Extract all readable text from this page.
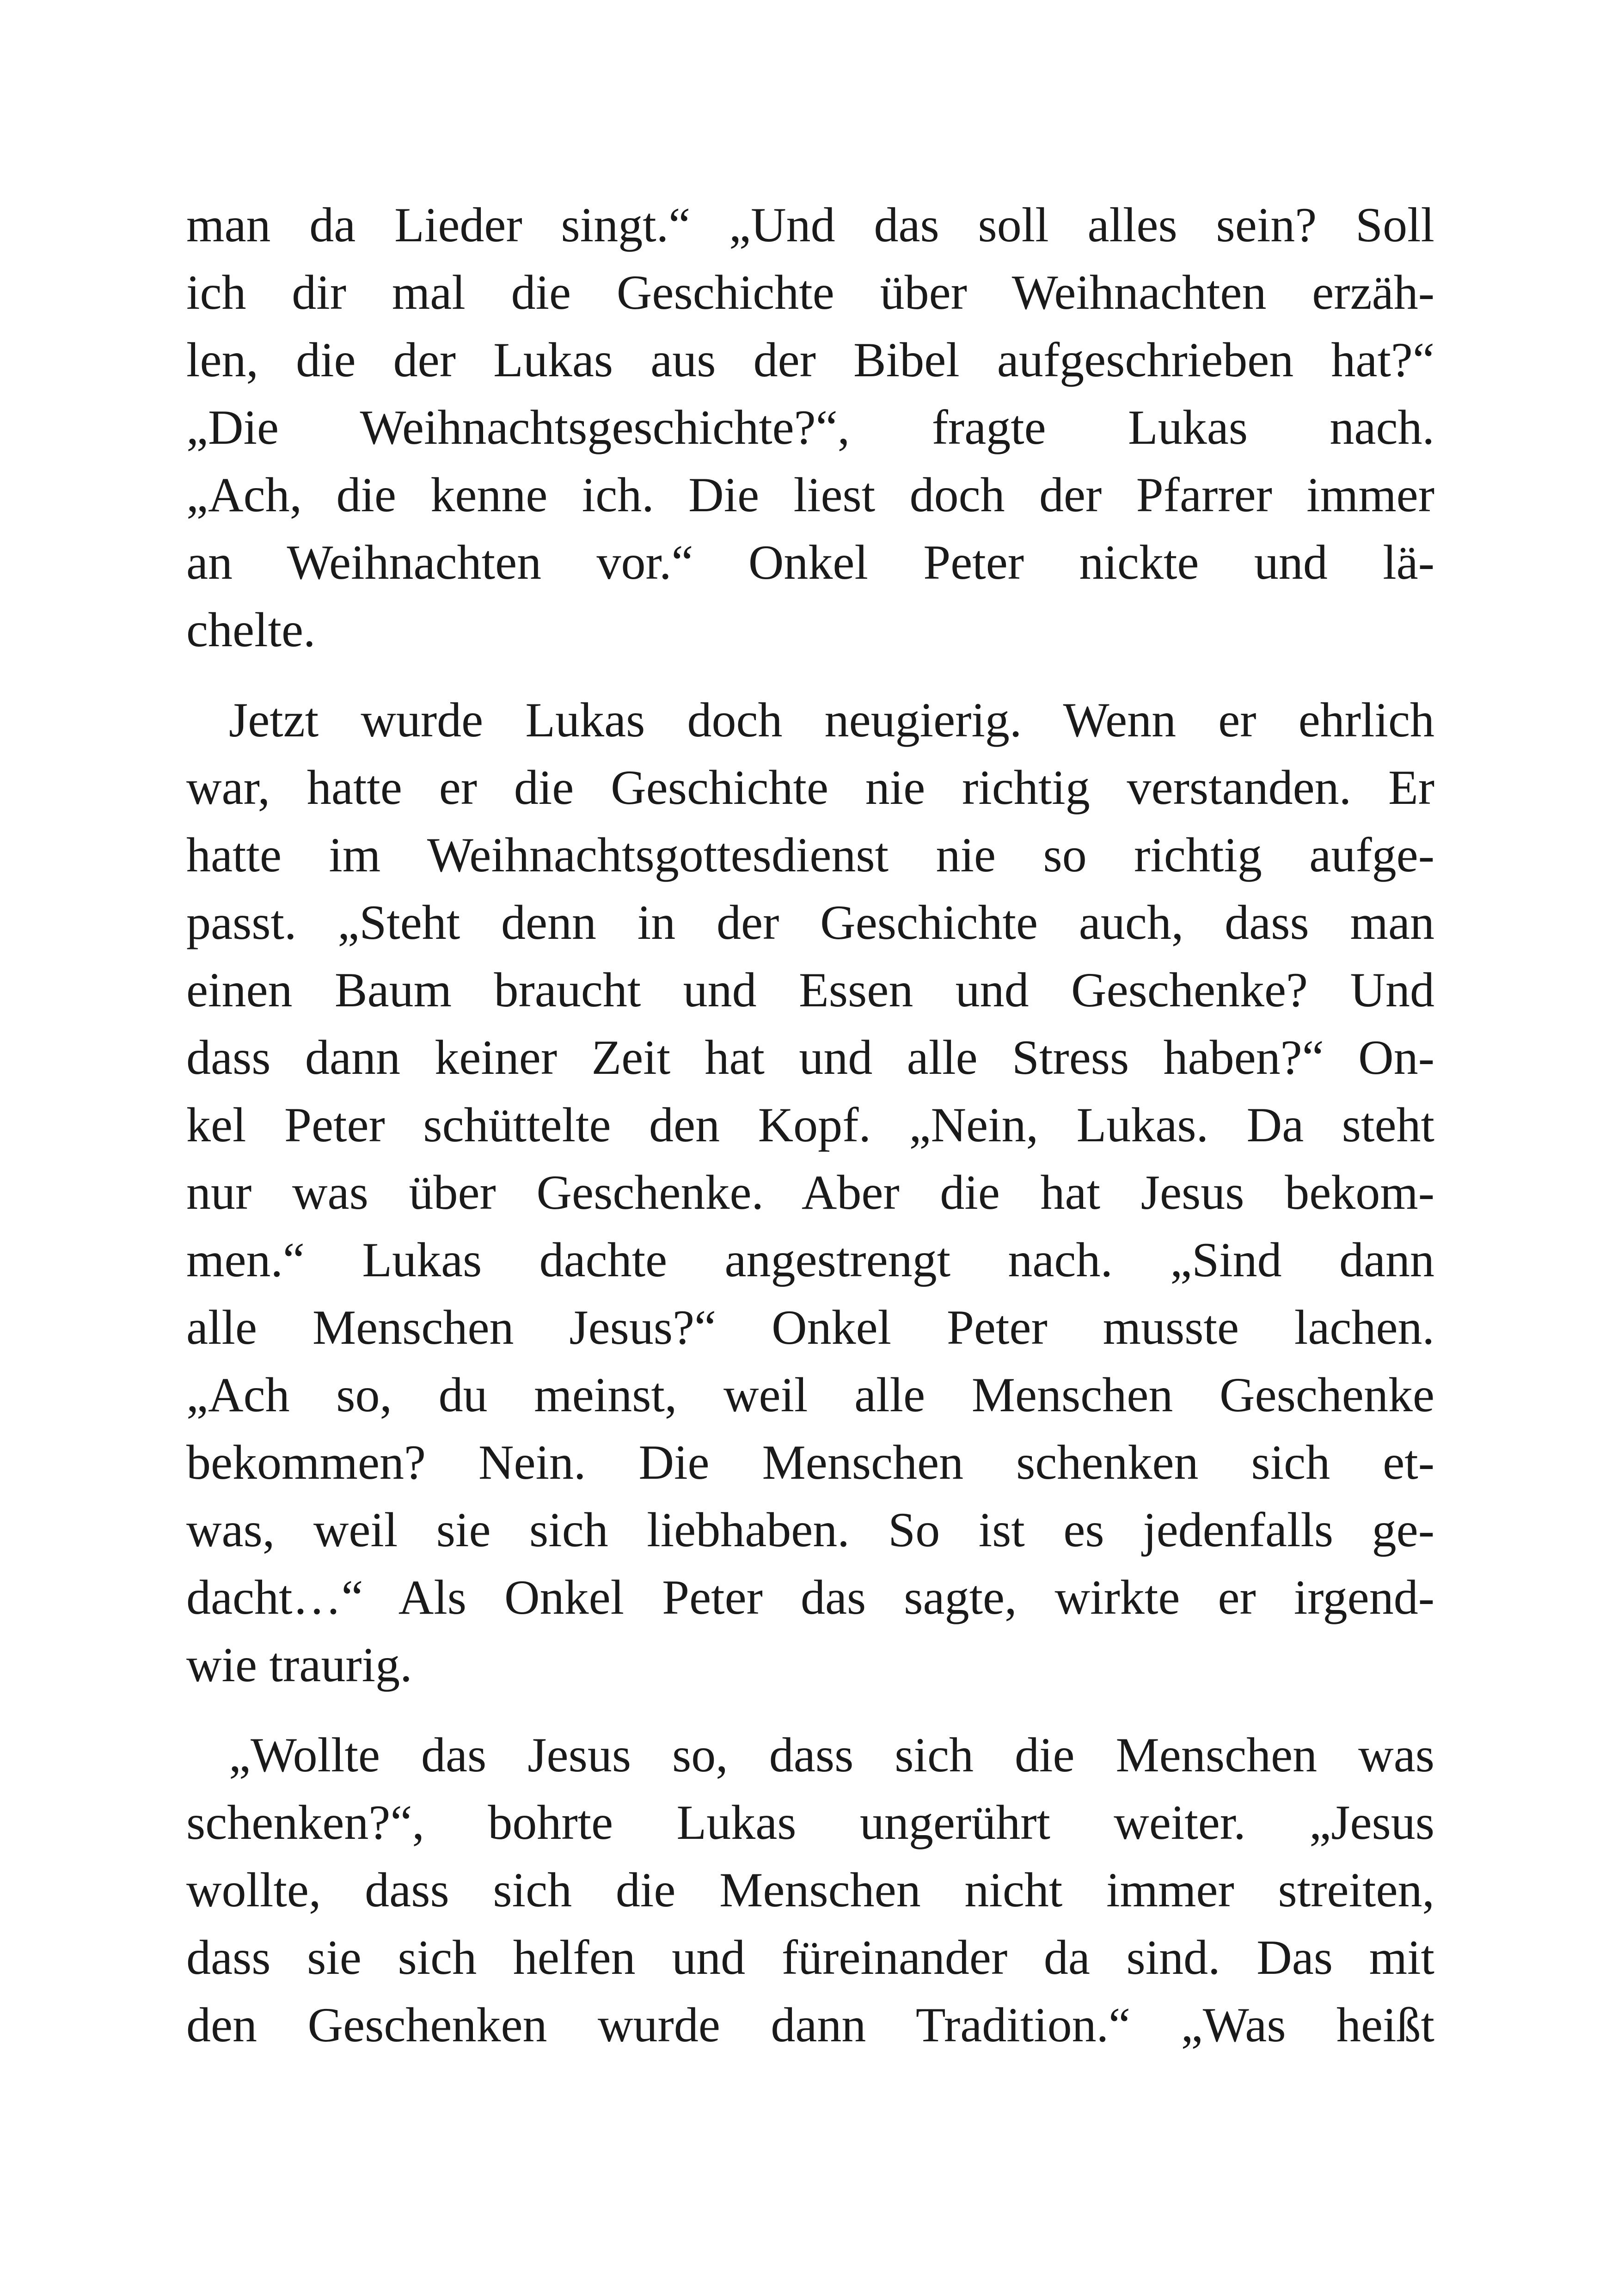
man da Lieder singt.“ „Und das soll alles sein? Soll
ich dir mal die Geschichte über Weihnachten erzäh-
len, die der Lukas aus der Bibel aufgeschrieben hat?“
„Die Weihnachtsgeschichte?“, fragte Lukas nach.
„Ach, die kenne ich. Die liest doch der Pfarrer immer
an Weihnachten vor.“ Onkel Peter nickte und lä-
chelte.
Jetzt wurde Lukas doch neugierig. Wenn er ehrlich
war, hatte er die Geschichte nie richtig verstanden. Er
hatte im Weihnachtsgottesdienst nie so richtig aufge-
passt. „Steht denn in der Geschichte auch, dass man
einen Baum braucht und Essen und Geschenke? Und
dass dann keiner Zeit hat und alle Stress haben?“ On-
kel Peter schüttelte den Kopf. „Nein, Lukas. Da steht
nur was über Geschenke. Aber die hat Jesus bekom-
men.“ Lukas dachte angestrengt nach. „Sind dann
alle Menschen Jesus?“ Onkel Peter musste lachen.
„Ach so, du meinst, weil alle Menschen Geschenke
bekommen? Nein. Die Menschen schenken sich et-
was, weil sie sich liebhaben. So ist es jedenfalls ge-
dacht…“ Als Onkel Peter das sagte, wirkte er irgend-
wie traurig.
„Wollte das Jesus so, dass sich die Menschen was
schenken?“, bohrte Lukas ungerührt weiter. „Jesus
wollte, dass sich die Menschen nicht immer streiten,
dass sie sich helfen und füreinander da sind. Das mit
den Geschenken wurde dann Tradition.“ „Was heißt
